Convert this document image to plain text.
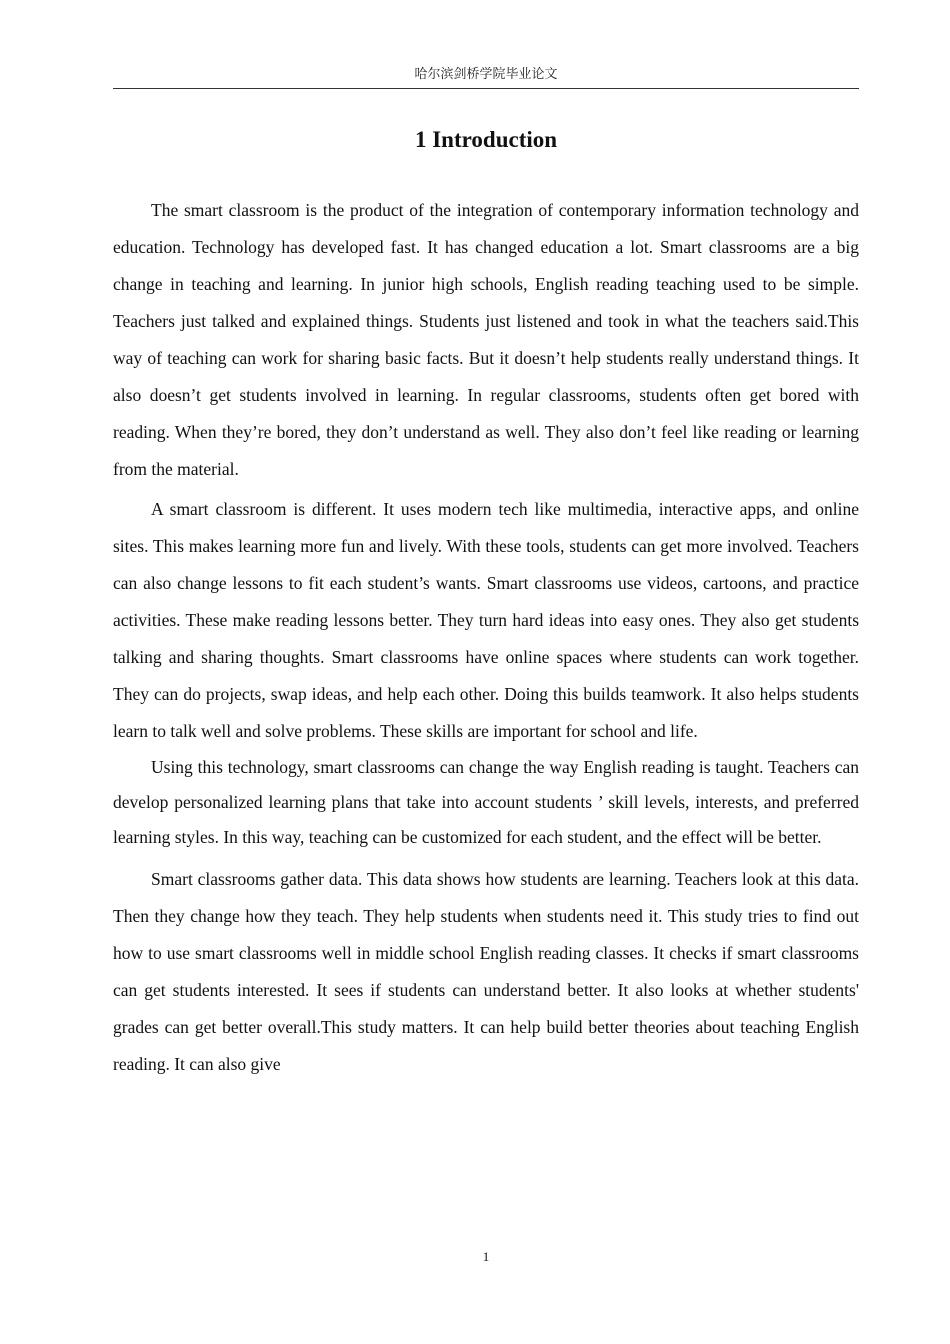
哈尔滨剑桥学院毕业论文
1 Introduction

The smart classroom is the product of the integration of contemporary information technology and education. Technology has developed fast. It has changed education a lot. Smart classrooms are a big change in teaching and learning. In junior high schools, English reading teaching used to be simple. Teachers just talked and explained things. Students just listened and took in what the teachers said.This way of teaching can work for sharing basic facts. But it doesn’t help students really understand things. It also doesn’t get students involved in learning. In regular classrooms, students often get bored with reading. When they’re bored, they don’t understand as well. They also don’t feel like reading or learning from the material.

A smart classroom is different. It uses modern tech like multimedia, interactive apps, and online sites. This makes learning more fun and lively. With these tools, students can get more involved. Teachers can also change lessons to fit each student’s wants. Smart classrooms use videos, cartoons, and practice activities. These make reading lessons better. They turn hard ideas into easy ones. They also get students talking and sharing thoughts. Smart classrooms have online spaces where students can work together. They can do projects, swap ideas, and help each other. Doing this builds teamwork. It also helps students learn to talk well and solve problems. These skills are important for school and life.

Using this technology, smart classrooms can change the way English reading is taught. Teachers can develop personalized learning plans that take into account students ’ skill levels, interests, and preferred learning styles. In this way, teaching can be customized for each student, and the effect will be better.

Smart classrooms gather data. This data shows how students are learning. Teachers look at this data. Then they change how they teach. They help students when students need it. This study tries to find out how to use smart classrooms well in middle school English reading classes. It checks if smart classrooms can get students interested. It sees if students can understand better. It also looks at whether students' grades can get better overall.This study matters. It can help build better theories about teaching English reading. It can also give

1
